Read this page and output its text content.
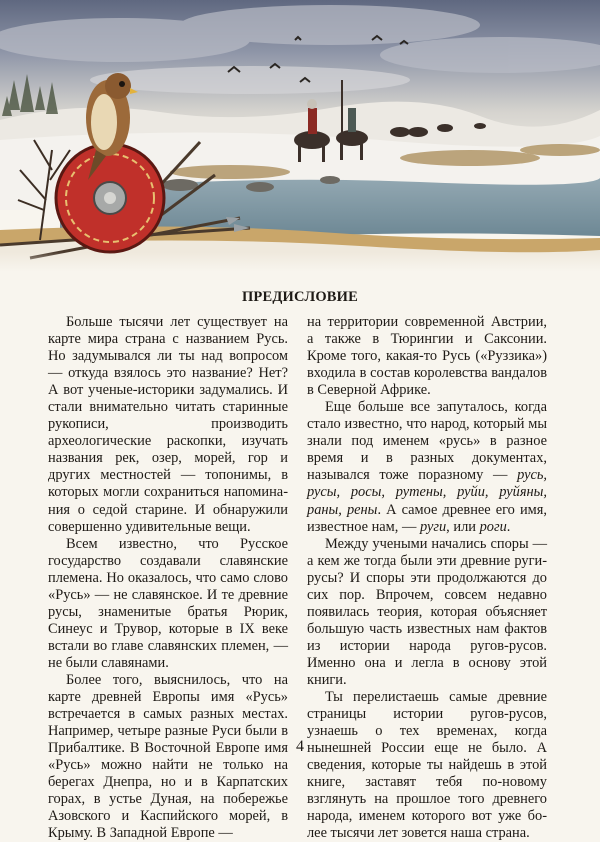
ПРЕДИСЛОВИЕ

Больше тысячи лет существует на карте мира страна с названием Русь. Но задумывался ли ты над вопросом — откуда взялось это название? Нет? А вот ученые-историки задумались. И стали внимательно читать старинные рукописи, производить археологические раскопки, изучать названия рек, озер, морей, гор и других местностей — топонимы, в которых могли сохраниться напоминания о седой старине. И обнаружили совершенно удивительные вещи.

Всем известно, что Русское государство создавали славянские племена. Но оказалось, что само слово «Русь» — не славянское. И те древние русы, знаменитые братья Рюрик, Синеус и Трувор, которые в IX веке встали во главе славянских племен, — не были славянами.

Более того, выяснилось, что на карте древней Европы имя «Русь» встречается в самых разных местах. Например, четыре разные Руси были в Прибалтике. В Восточной Европе имя «Русь» можно найти не только на берегах Днепра, но и в Карпатских горах, в устье Дуная, на побережье Азовского и Каспийского морей, в Крыму. В Западной Европе —

на территории современной Австрии, а также в Тюрингии и Саксонии. Кроме того, какая-то Русь («Руззика») входила в состав королевства вандалов в Северной Африке.

Еще больше все запуталось, когда стало известно, что народ, который мы знали под именем «русь» в разное время и в разных документах, назывался тоже поразному — русь, русы, росы, рутены, руйи, руйяны, раны, рены. А самое древнее его имя, известное нам, — руги, или роги.

Между учеными начались споры — а кем же тогда были эти древние ругирусы? И споры эти продолжаются до сих пор. Впрочем, совсем недавно появилась теория, которая объясняет большую часть известных нам фактов из истории народа ругов-русов. Именно она и легла в основу этой книги.

Ты перелистаешь самые древние страницы истории ругов-русов, узнаешь о тех временах, когда нынешней России еще не было. А сведения, которые ты найдешь в этой книге, заставят тебя по-новому взглянуть на прошлое того древнего народа, именем которого вот уже более тысячи лет зовется наша страна.

4
